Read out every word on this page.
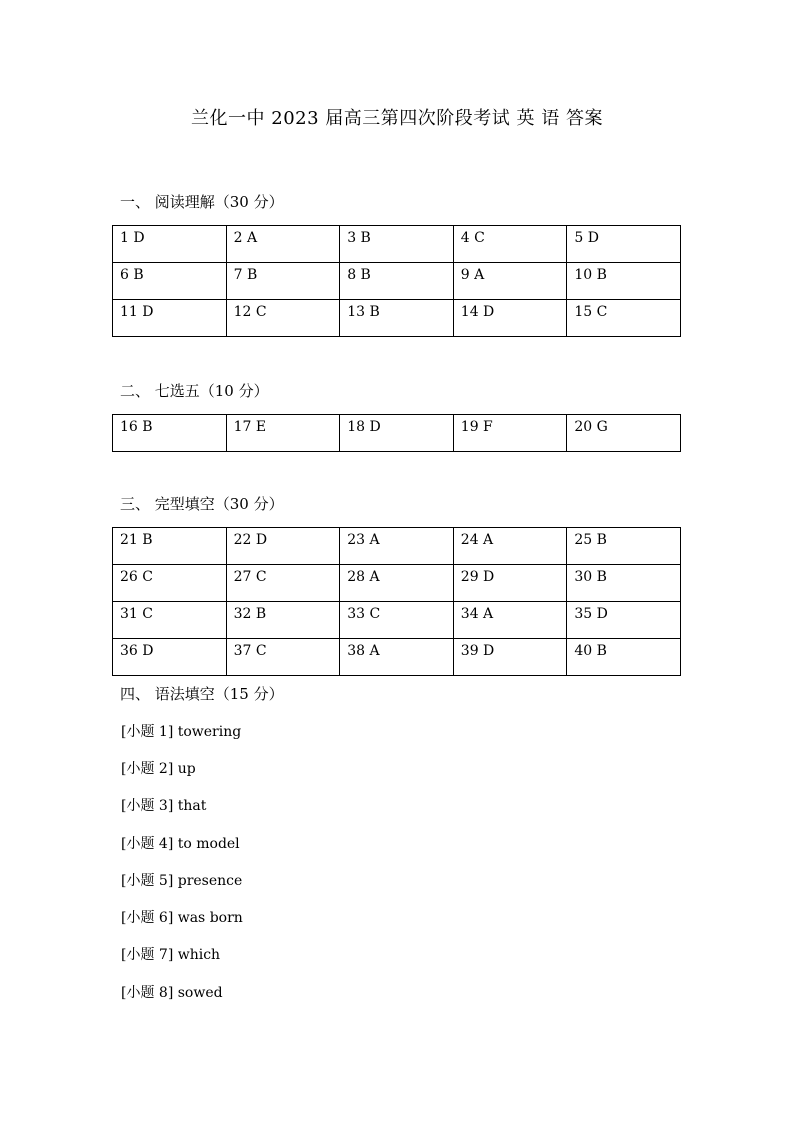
兰化一中 2023 届高三第四次阶段考试 英 语 答案
一、 阅读理解（30 分）
1 D	2 A	3 B	4 C	5 D
6 B	7 B	8 B	9 A	10 B
11 D	12 C	13 B	14 D	15 C
二、 七选五（10 分）
16 B	17 E	18 D	19 F	20 G
三、 完型填空（30 分）
21 B	22 D	23 A	24 A	25 B
26 C	27 C	28 A	29 D	30 B
31 C	32 B	33 C	34 A	35 D
36 D	37 C	38 A	39 D	40 B
四、 语法填空（15 分）
[小题 1] towering
[小题 2] up
[小题 3] that
[小题 4] to model
[小题 5] presence
[小题 6] was born
[小题 7] which
[小题 8] sowed
